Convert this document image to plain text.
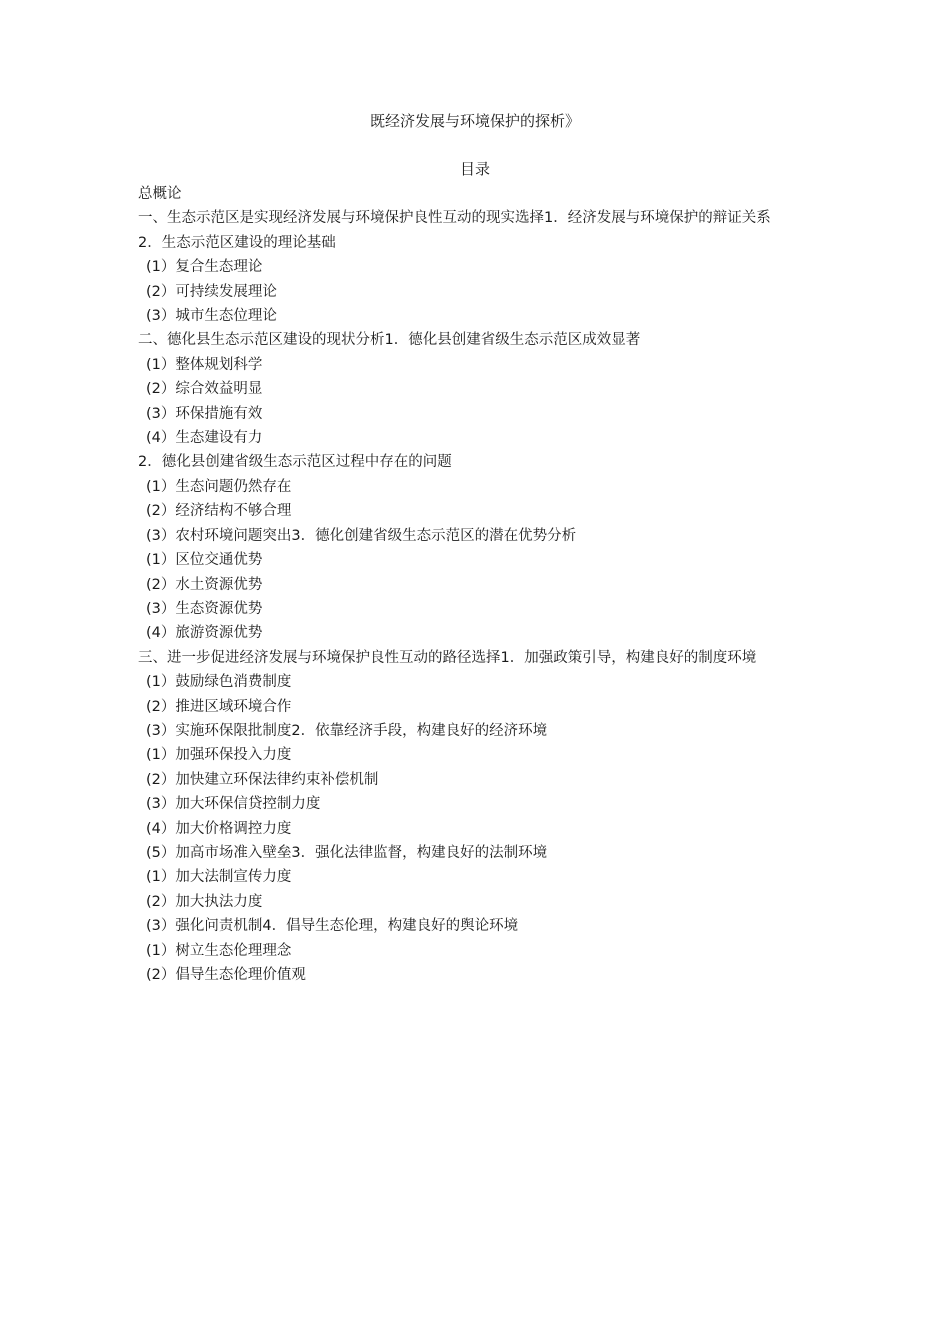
既经济发展与环境保护的探析》
目录
总概论
一、生态示范区是实现经济发展与环境保护良性互动的现实选择1．经济发展与环境保护的辩证关系
2．生态示范区建设的理论基础
(1）复合生态理论
(2）可持续发展理论
(3）城市生态位理论
二、德化县生态示范区建设的现状分析1．德化县创建省级生态示范区成效显著
(1）整体规划科学
(2）综合效益明显
(3）环保措施有效
(4）生态建设有力
2．德化县创建省级生态示范区过程中存在的问题
(1）生态问题仍然存在
(2）经济结构不够合理
(3）农村环境问题突出3．德化创建省级生态示范区的潜在优势分析
(1）区位交通优势
(2）水土资源优势
(3）生态资源优势
(4）旅游资源优势
三、进一步促进经济发展与环境保护良性互动的路径选择1．加强政策引导，构建良好的制度环境
(1）鼓励绿色消费制度
(2）推进区域环境合作
(3）实施环保限批制度2．依靠经济手段，构建良好的经济环境
(1）加强环保投入力度
(2）加快建立环保法律约束补偿机制
(3）加大环保信贷控制力度
(4）加大价格调控力度
(5）加高市场准入壁垒3．强化法律监督，构建良好的法制环境
(1）加大法制宣传力度
(2）加大执法力度
(3）强化问责机制4．倡导生态伦理，构建良好的舆论环境
(1）树立生态伦理理念
(2）倡导生态伦理价值观
